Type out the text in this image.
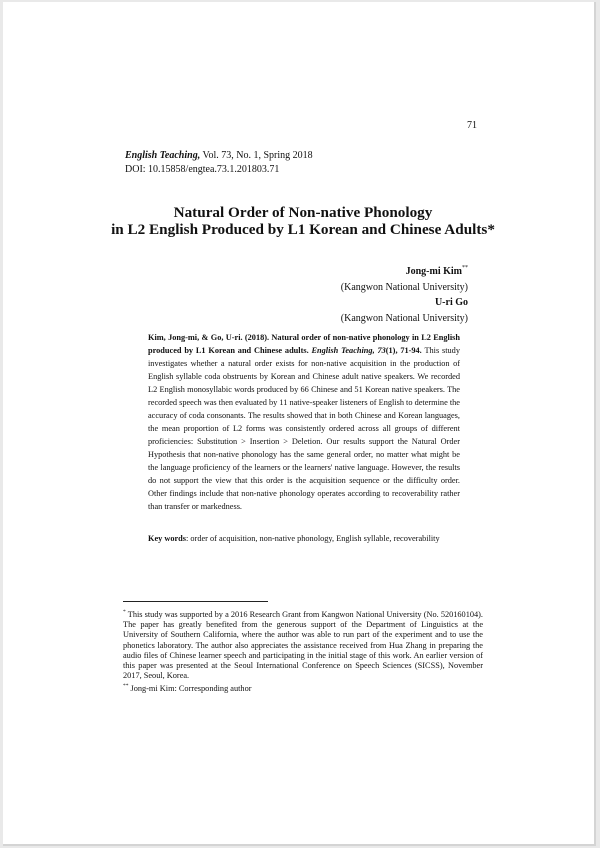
71
English Teaching, Vol. 73, No. 1, Spring 2018
DOI: 10.15858/engtea.73.1.201803.71
Natural Order of Non-native Phonology
in L2 English Produced by L1 Korean and Chinese Adults*
Jong-mi Kim**
(Kangwon National University)
U-ri Go
(Kangwon National University)
Kim, Jong-mi, & Go, U-ri. (2018). Natural order of non-native phonology in L2 English produced by L1 Korean and Chinese adults. English Teaching, 73(1), 71-94. This study investigates whether a natural order exists for non-native acquisition in the production of English syllable coda obstruents by Korean and Chinese adult native speakers. We recorded L2 English monosyllabic words produced by 66 Chinese and 51 Korean native speakers. The recorded speech was then evaluated by 11 native-speaker listeners of English to determine the accuracy of coda consonants. The results showed that in both Chinese and Korean languages, the mean proportion of L2 forms was consistently ordered across all groups of different proficiencies: Substitution > Insertion > Deletion. Our results support the Natural Order Hypothesis that non-native phonology has the same general order, no matter what might be the language proficiency of the learners or the learners' native language. However, the results do not support the view that this order is the acquisition sequence or the difficulty order. Other findings include that non-native phonology operates according to recoverability rather than transfer or markedness.
Key words: order of acquisition, non-native phonology, English syllable, recoverability
* This study was supported by a 2016 Research Grant from Kangwon National University (No. 520160104). The paper has greatly benefited from the generous support of the Department of Linguistics at the University of Southern California, where the author was able to run part of the experiment and to use the phonetics laboratory. The author also appreciates the assistance received from Hua Zhang in preparing the audio files of Chinese learner speech and participating in the initial stage of this work. An earlier version of this paper was presented at the Seoul International Conference on Speech Sciences (SICSS), November 2017, Seoul, Korea.
** Jong-mi Kim: Corresponding author
